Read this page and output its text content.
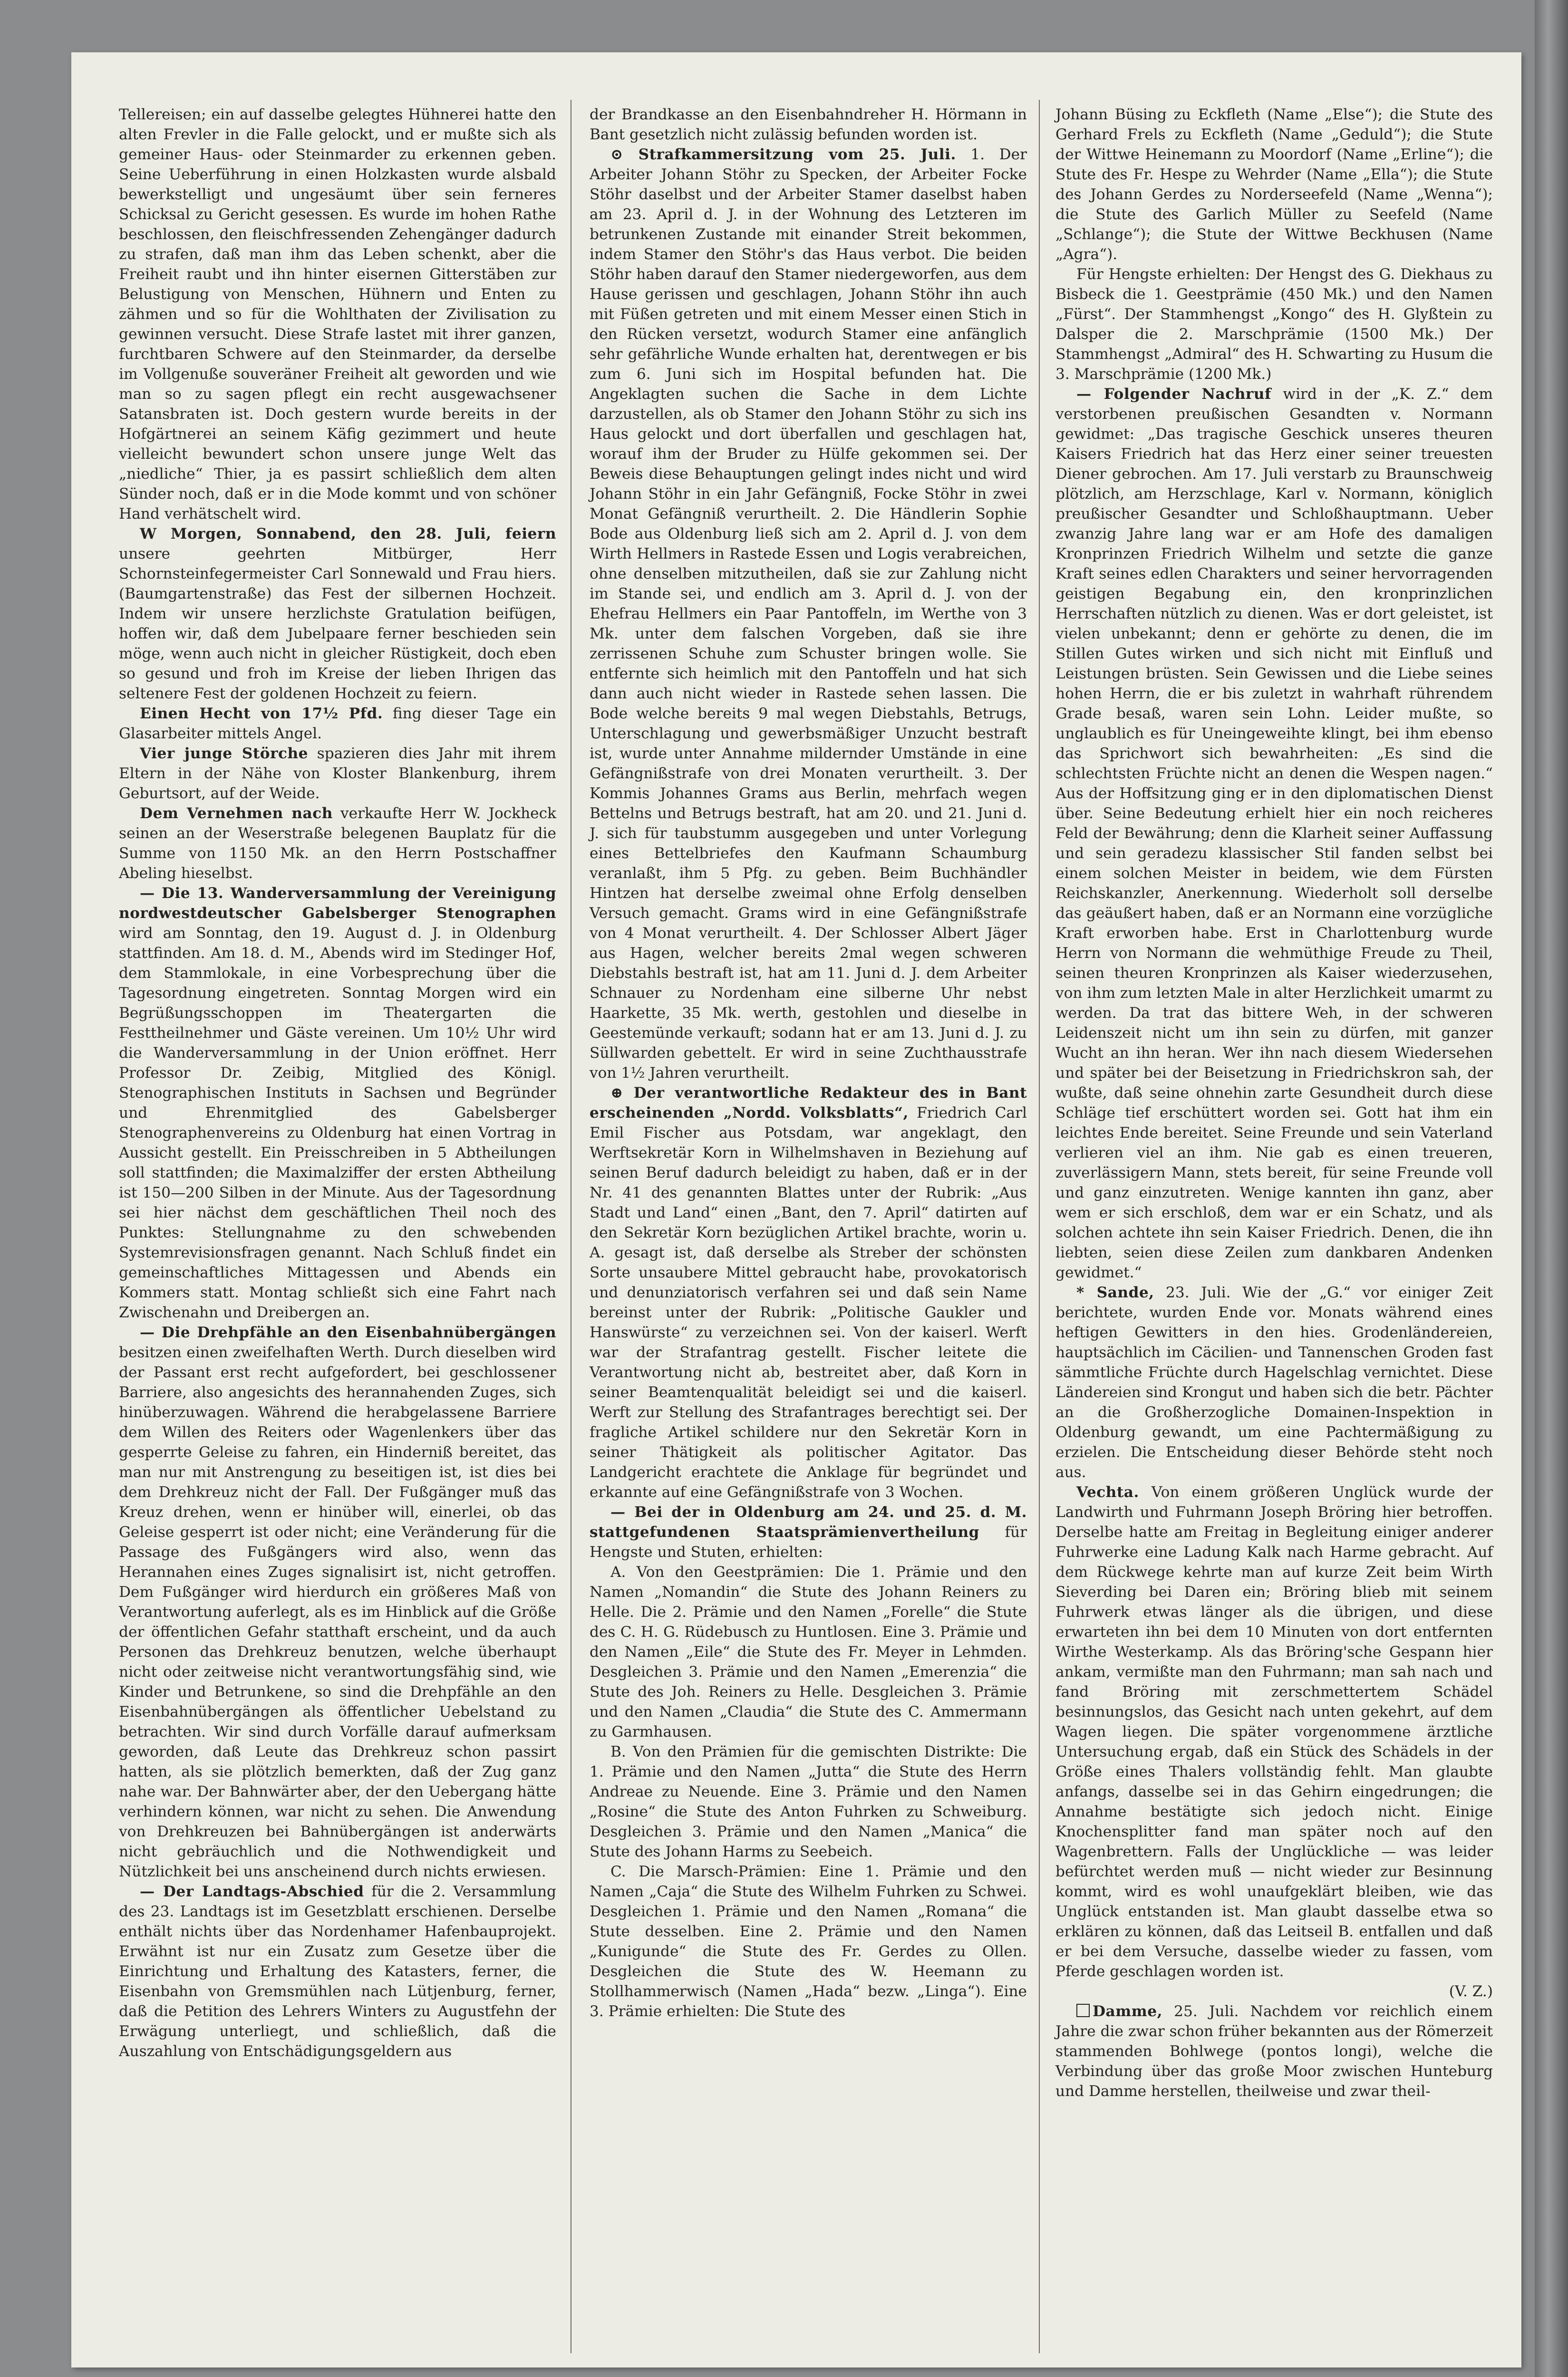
Tellereisen; ein auf dasselbe gelegtes Hühnerei hatte den alten Frevler in die Falle gelockt, und er mußte sich als gemeiner Haus- oder Steinmarder zu erkennen geben. Seine Ueberführung in einen Holzkasten wurde alsbald bewerkstelligt und ungesäumt über sein ferneres Schicksal zu Gericht gesessen. Es wurde im hohen Rathe beschlossen, den fleischfressenden Zehengänger dadurch zu strafen, daß man ihm das Leben schenkt, aber die Freiheit raubt und ihn hinter eisernen Gitterstäben zur Belustigung von Menschen, Hühnern und Enten zu zähmen und so für die Wohlthaten der Zivilisation zu gewinnen versucht. Diese Strafe lastet mit ihrer ganzen, furchtbaren Schwere auf den Steinmarder, da derselbe im Vollgenuße souveräner Freiheit alt geworden und wie man so zu sagen pflegt ein recht ausgewachsener Satansbraten ist. Doch gestern wurde bereits in der Hofgärtnerei an seinem Käfig gezimmert und heute vielleicht bewundert schon unsere junge Welt das „niedliche“ Thier, ja es passirt schließlich dem alten Sünder noch, daß er in die Mode kommt und von schöner Hand verhätschelt wird.

W Morgen, Sonnabend, den 28. Juli, feiern unsere geehrten Mitbürger, Herr Schornsteinfegermeister Carl Sonnewald und Frau hiers. (Baumgartenstraße) das Fest der silbernen Hochzeit. Indem wir unsere herzlichste Gratulation beifügen, hoffen wir, daß dem Jubelpaare ferner beschieden sein möge, wenn auch nicht in gleicher Rüstigkeit, doch eben so gesund und froh im Kreise der lieben Ihrigen das seltenere Fest der goldenen Hochzeit zu feiern.

Einen Hecht von 17½ Pfd. fing dieser Tage ein Glasarbeiter mittels Angel.

Vier junge Störche spazieren dies Jahr mit ihrem Eltern in der Nähe von Kloster Blankenburg, ihrem Geburtsort, auf der Weide.

Dem Vernehmen nach verkaufte Herr W. Jockheck seinen an der Weserstraße belegenen Bauplatz für die Summe von 1150 Mk. an den Herrn Postschaffner Abeling hieselbst.

— Die 13. Wanderversammlung der Vereinigung nordwestdeutscher Gabelsberger Stenographen wird am Sonntag, den 19. August d. J. in Oldenburg stattfinden. Am 18. d. M., Abends wird im Stedinger Hof, dem Stammlokale, in eine Vorbesprechung über die Tagesordnung eingetreten. Sonntag Morgen wird ein Begrüßungsschoppen im Theatergarten die Festtheilnehmer und Gäste vereinen. Um 10½ Uhr wird die Wanderversammlung in der Union eröffnet. Herr Professor Dr. Zeibig, Mitglied des Königl. Stenographischen Instituts in Sachsen und Begründer und Ehrenmitglied des Gabelsberger Stenographenvereins zu Oldenburg hat einen Vortrag in Aussicht gestellt. Ein Preisschreiben in 5 Abtheilungen soll stattfinden; die Maximalziffer der ersten Abtheilung ist 150—200 Silben in der Minute. Aus der Tagesordnung sei hier nächst dem geschäftlichen Theil noch des Punktes: Stellungnahme zu den schwebenden Systemrevisionsfragen genannt. Nach Schluß findet ein gemeinschaftliches Mittagessen und Abends ein Kommers statt. Montag schließt sich eine Fahrt nach Zwischenahn und Dreibergen an.

— Die Drehpfähle an den Eisenbahnübergängen besitzen einen zweifelhaften Werth. Durch dieselben wird der Passant erst recht aufgefordert, bei geschlossener Barriere, also angesichts des herannahenden Zuges, sich hinüberzuwagen. Während die herabgelassene Barriere dem Willen des Reiters oder Wagenlenkers über das gesperrte Geleise zu fahren, ein Hinderniß bereitet, das man nur mit Anstrengung zu beseitigen ist, ist dies bei dem Drehkreuz nicht der Fall. Der Fußgänger muß das Kreuz drehen, wenn er hinüber will, einerlei, ob das Geleise gesperrt ist oder nicht; eine Veränderung für die Passage des Fußgängers wird also, wenn das Herannahen eines Zuges signalisirt ist, nicht getroffen. Dem Fußgänger wird hierdurch ein größeres Maß von Verantwortung auferlegt, als es im Hinblick auf die Größe der öffentlichen Gefahr statthaft erscheint, und da auch Personen das Drehkreuz benutzen, welche überhaupt nicht oder zeitweise nicht verantwortungsfähig sind, wie Kinder und Betrunkene, so sind die Drehpfähle an den Eisenbahnübergängen als öffentlicher Uebelstand zu betrachten. Wir sind durch Vorfälle darauf aufmerksam geworden, daß Leute das Drehkreuz schon passirt hatten, als sie plötzlich bemerkten, daß der Zug ganz nahe war. Der Bahnwärter aber, der den Uebergang hätte verhindern können, war nicht zu sehen. Die Anwendung von Drehkreuzen bei Bahnübergängen ist anderwärts nicht gebräuchlich und die Nothwendigkeit und Nützlichkeit bei uns anscheinend durch nichts erwiesen.

— Der Landtags-Abschied für die 2. Versammlung des 23. Landtags ist im Gesetzblatt erschienen. Derselbe enthält nichts über das Nordenhamer Hafenbauprojekt. Erwähnt ist nur ein Zusatz zum Gesetze über die Einrichtung und Erhaltung des Katasters, ferner, die Eisenbahn von Gremsmühlen nach Lütjenburg, ferner, daß die Petition des Lehrers Winters zu Augustfehn der Erwägung unterliegt, und schließlich, daß die Auszahlung von Entschädigungsgeldern aus

der Brandkasse an den Eisenbahndreher H. Hörmann in Bant gesetzlich nicht zulässig befunden worden ist.

⊙ Strafkammersitzung vom 25. Juli. 1. Der Arbeiter Johann Stöhr zu Specken, der Arbeiter Focke Stöhr daselbst und der Arbeiter Stamer daselbst haben am 23. April d. J. in der Wohnung des Letzteren im betrunkenen Zustande mit einander Streit bekommen, indem Stamer den Stöhr's das Haus verbot. Die beiden Stöhr haben darauf den Stamer niedergeworfen, aus dem Hause gerissen und geschlagen, Johann Stöhr ihn auch mit Füßen getreten und mit einem Messer einen Stich in den Rücken versetzt, wodurch Stamer eine anfänglich sehr gefährliche Wunde erhalten hat, derentwegen er bis zum 6. Juni sich im Hospital befunden hat. Die Angeklagten suchen die Sache in dem Lichte darzustellen, als ob Stamer den Johann Stöhr zu sich ins Haus gelockt und dort überfallen und geschlagen hat, worauf ihm der Bruder zu Hülfe gekommen sei. Der Beweis diese Behauptungen gelingt indes nicht und wird Johann Stöhr in ein Jahr Gefängniß, Focke Stöhr in zwei Monat Gefängniß verurtheilt. 2. Die Händlerin Sophie Bode aus Oldenburg ließ sich am 2. April d. J. von dem Wirth Hellmers in Rastede Essen und Logis verabreichen, ohne denselben mitzutheilen, daß sie zur Zahlung nicht im Stande sei, und endlich am 3. April d. J. von der Ehefrau Hellmers ein Paar Pantoffeln, im Werthe von 3 Mk. unter dem falschen Vorgeben, daß sie ihre zerrissenen Schuhe zum Schuster bringen wolle. Sie entfernte sich heimlich mit den Pantoffeln und hat sich dann auch nicht wieder in Rastede sehen lassen. Die Bode welche bereits 9 mal wegen Diebstahls, Betrugs, Unterschlagung und gewerbsmäßiger Unzucht bestraft ist, wurde unter Annahme mildernder Umstände in eine Gefängnißstrafe von drei Monaten verurtheilt. 3. Der Kommis Johannes Grams aus Berlin, mehrfach wegen Bettelns und Betrugs bestraft, hat am 20. und 21. Juni d. J. sich für taubstumm ausgegeben und unter Vorlegung eines Bettelbriefes den Kaufmann Schaumburg veranlaßt, ihm 5 Pfg. zu geben. Beim Buchhändler Hintzen hat derselbe zweimal ohne Erfolg denselben Versuch gemacht. Grams wird in eine Gefängnißstrafe von 4 Monat verurtheilt. 4. Der Schlosser Albert Jäger aus Hagen, welcher bereits 2mal wegen schweren Diebstahls bestraft ist, hat am 11. Juni d. J. dem Arbeiter Schnauer zu Nordenham eine silberne Uhr nebst Haarkette, 35 Mk. werth, gestohlen und dieselbe in Geestemünde verkauft; sodann hat er am 13. Juni d. J. zu Süllwarden gebettelt. Er wird in seine Zuchthausstrafe von 1½ Jahren verurtheilt.

⊕ Der verantwortliche Redakteur des in Bant erscheinenden „Nordd. Volksblatts“, Friedrich Carl Emil Fischer aus Potsdam, war angeklagt, den Werftsekretär Korn in Wilhelmshaven in Beziehung auf seinen Beruf dadurch beleidigt zu haben, daß er in der Nr. 41 des genannten Blattes unter der Rubrik: „Aus Stadt und Land“ einen „Bant, den 7. April“ datirten auf den Sekretär Korn bezüglichen Artikel brachte, worin u. A. gesagt ist, daß derselbe als Streber der schönsten Sorte unsaubere Mittel gebraucht habe, provokatorisch und denunziatorisch verfahren sei und daß sein Name bereinst unter der Rubrik: „Politische Gaukler und Hanswürste“ zu verzeichnen sei. Von der kaiserl. Werft war der Strafantrag gestellt. Fischer leitete die Verantwortung nicht ab, bestreitet aber, daß Korn in seiner Beamtenqualität beleidigt sei und die kaiserl. Werft zur Stellung des Strafantrages berechtigt sei. Der fragliche Artikel schildere nur den Sekretär Korn in seiner Thätigkeit als politischer Agitator. Das Landgericht erachtete die Anklage für begründet und erkannte auf eine Gefängnißstrafe von 3 Wochen.

— Bei der in Oldenburg am 24. und 25. d. M. stattgefundenen Staatsprämienvertheilung für Hengste und Stuten, erhielten:

A. Von den Geestprämien: Die 1. Prämie und den Namen „Nomandin“ die Stute des Johann Reiners zu Helle. Die 2. Prämie und den Namen „Forelle“ die Stute des C. H. G. Rüdebusch zu Huntlosen. Eine 3. Prämie und den Namen „Eile“ die Stute des Fr. Meyer in Lehmden. Desgleichen 3. Prämie und den Namen „Emerenzia“ die Stute des Joh. Reiners zu Helle. Desgleichen 3. Prämie und den Namen „Claudia“ die Stute des C. Ammermann zu Garmhausen.

B. Von den Prämien für die gemischten Distrikte: Die 1. Prämie und den Namen „Jutta“ die Stute des Herrn Andreae zu Neuende. Eine 3. Prämie und den Namen „Rosine“ die Stute des Anton Fuhrken zu Schweiburg. Desgleichen 3. Prämie und den Namen „Manica“ die Stute des Johann Harms zu Seebeich.

C. Die Marsch-Prämien: Eine 1. Prämie und den Namen „Caja“ die Stute des Wilhelm Fuhrken zu Schwei. Desgleichen 1. Prämie und den Namen „Romana“ die Stute desselben. Eine 2. Prämie und den Namen „Kunigunde“ die Stute des Fr. Gerdes zu Ollen. Desgleichen die Stute des W. Heemann zu Stollhammerwisch (Namen „Hada“ bezw. „Linga“). Eine 3. Prämie erhielten: Die Stute des

Johann Büsing zu Eckfleth (Name „Else“); die Stute des Gerhard Frels zu Eckfleth (Name „Geduld“); die Stute der Wittwe Heinemann zu Moordorf (Name „Erline“); die Stute des Fr. Hespe zu Wehrder (Name „Ella“); die Stute des Johann Gerdes zu Norderseefeld (Name „Wenna“); die Stute des Garlich Müller zu Seefeld (Name „Schlange“); die Stute der Wittwe Beckhusen (Name „Agra“).

Für Hengste erhielten: Der Hengst des G. Diekhaus zu Bisbeck die 1. Geestprämie (450 Mk.) und den Namen „Fürst“. Der Stammhengst „Kongo“ des H. Glyßtein zu Dalsper die 2. Marschprämie (1500 Mk.) Der Stammhengst „Admiral“ des H. Schwarting zu Husum die 3. Marschprämie (1200 Mk.)

— Folgender Nachruf wird in der „K. Z.“ dem verstorbenen preußischen Gesandten v. Normann gewidmet: „Das tragische Geschick unseres theuren Kaisers Friedrich hat das Herz einer seiner treuesten Diener gebrochen. Am 17. Juli verstarb zu Braunschweig plötzlich, am Herzschlage, Karl v. Normann, königlich preußischer Gesandter und Schloßhauptmann. Ueber zwanzig Jahre lang war er am Hofe des damaligen Kronprinzen Friedrich Wilhelm und setzte die ganze Kraft seines edlen Charakters und seiner hervorragenden geistigen Begabung ein, den kronprinzlichen Herrschaften nützlich zu dienen. Was er dort geleistet, ist vielen unbekannt; denn er gehörte zu denen, die im Stillen Gutes wirken und sich nicht mit Einfluß und Leistungen brüsten. Sein Gewissen und die Liebe seines hohen Herrn, die er bis zuletzt in wahrhaft rührendem Grade besaß, waren sein Lohn. Leider mußte, so unglaublich es für Uneingeweihte klingt, bei ihm ebenso das Sprichwort sich bewahrheiten: „Es sind die schlechtsten Früchte nicht an denen die Wespen nagen.“ Aus der Hoffsitzung ging er in den diplomatischen Dienst über. Seine Bedeutung erhielt hier ein noch reicheres Feld der Bewährung; denn die Klarheit seiner Auffassung und sein geradezu klassischer Stil fanden selbst bei einem solchen Meister in beidem, wie dem Fürsten Reichskanzler, Anerkennung. Wiederholt soll derselbe das geäußert haben, daß er an Normann eine vorzügliche Kraft erworben habe. Erst in Charlottenburg wurde Herrn von Normann die wehmüthige Freude zu Theil, seinen theuren Kronprinzen als Kaiser wiederzusehen, von ihm zum letzten Male in alter Herzlichkeit umarmt zu werden. Da trat das bittere Weh, in der schweren Leidenszeit nicht um ihn sein zu dürfen, mit ganzer Wucht an ihn heran. Wer ihn nach diesem Wiedersehen und später bei der Beisetzung in Friedrichskron sah, der wußte, daß seine ohnehin zarte Gesundheit durch diese Schläge tief erschüttert worden sei. Gott hat ihm ein leichtes Ende bereitet. Seine Freunde und sein Vaterland verlieren viel an ihm. Nie gab es einen treueren, zuverlässigern Mann, stets bereit, für seine Freunde voll und ganz einzutreten. Wenige kannten ihn ganz, aber wem er sich erschloß, dem war er ein Schatz, und als solchen achtete ihn sein Kaiser Friedrich. Denen, die ihn liebten, seien diese Zeilen zum dankbaren Andenken gewidmet.“

* Sande, 23. Juli. Wie der „G.“ vor einiger Zeit berichtete, wurden Ende vor. Monats während eines heftigen Gewitters in den hies. Grodenländereien, hauptsächlich im Cäcilien- und Tannenschen Groden fast sämmtliche Früchte durch Hagelschlag vernichtet. Diese Ländereien sind Krongut und haben sich die betr. Pächter an die Großherzogliche Domainen-Inspektion in Oldenburg gewandt, um eine Pachtermäßigung zu erzielen. Die Entscheidung dieser Behörde steht noch aus.

Vechta. Von einem größeren Unglück wurde der Landwirth und Fuhrmann Joseph Bröring hier betroffen. Derselbe hatte am Freitag in Begleitung einiger anderer Fuhrwerke eine Ladung Kalk nach Harme gebracht. Auf dem Rückwege kehrte man auf kurze Zeit beim Wirth Sieverding bei Daren ein; Bröring blieb mit seinem Fuhrwerk etwas länger als die übrigen, und diese erwarteten ihn bei dem 10 Minuten von dort entfernten Wirthe Westerkamp. Als das Bröring'sche Gespann hier ankam, vermißte man den Fuhrmann; man sah nach und fand Bröring mit zerschmettertem Schädel besinnungslos, das Gesicht nach unten gekehrt, auf dem Wagen liegen. Die später vorgenommene ärztliche Untersuchung ergab, daß ein Stück des Schädels in der Größe eines Thalers vollständig fehlt. Man glaubte anfangs, dasselbe sei in das Gehirn eingedrungen; die Annahme bestätigte sich jedoch nicht. Einige Knochensplitter fand man später noch auf den Wagenbrettern. Falls der Unglückliche — was leider befürchtet werden muß — nicht wieder zur Besinnung kommt, wird es wohl unaufgeklärt bleiben, wie das Unglück entstanden ist. Man glaubt dasselbe etwa so erklären zu können, daß das Leitseil B. entfallen und daß er bei dem Versuche, dasselbe wieder zu fassen, vom Pferde geschlagen worden ist.

(V. Z.)

Damme, 25. Juli. Nachdem vor reichlich einem Jahre die zwar schon früher bekannten aus der Römerzeit stammenden Bohlwege (pontos longi), welche die Verbindung über das große Moor zwischen Hunteburg und Damme herstellen, theilweise und zwar theil-
